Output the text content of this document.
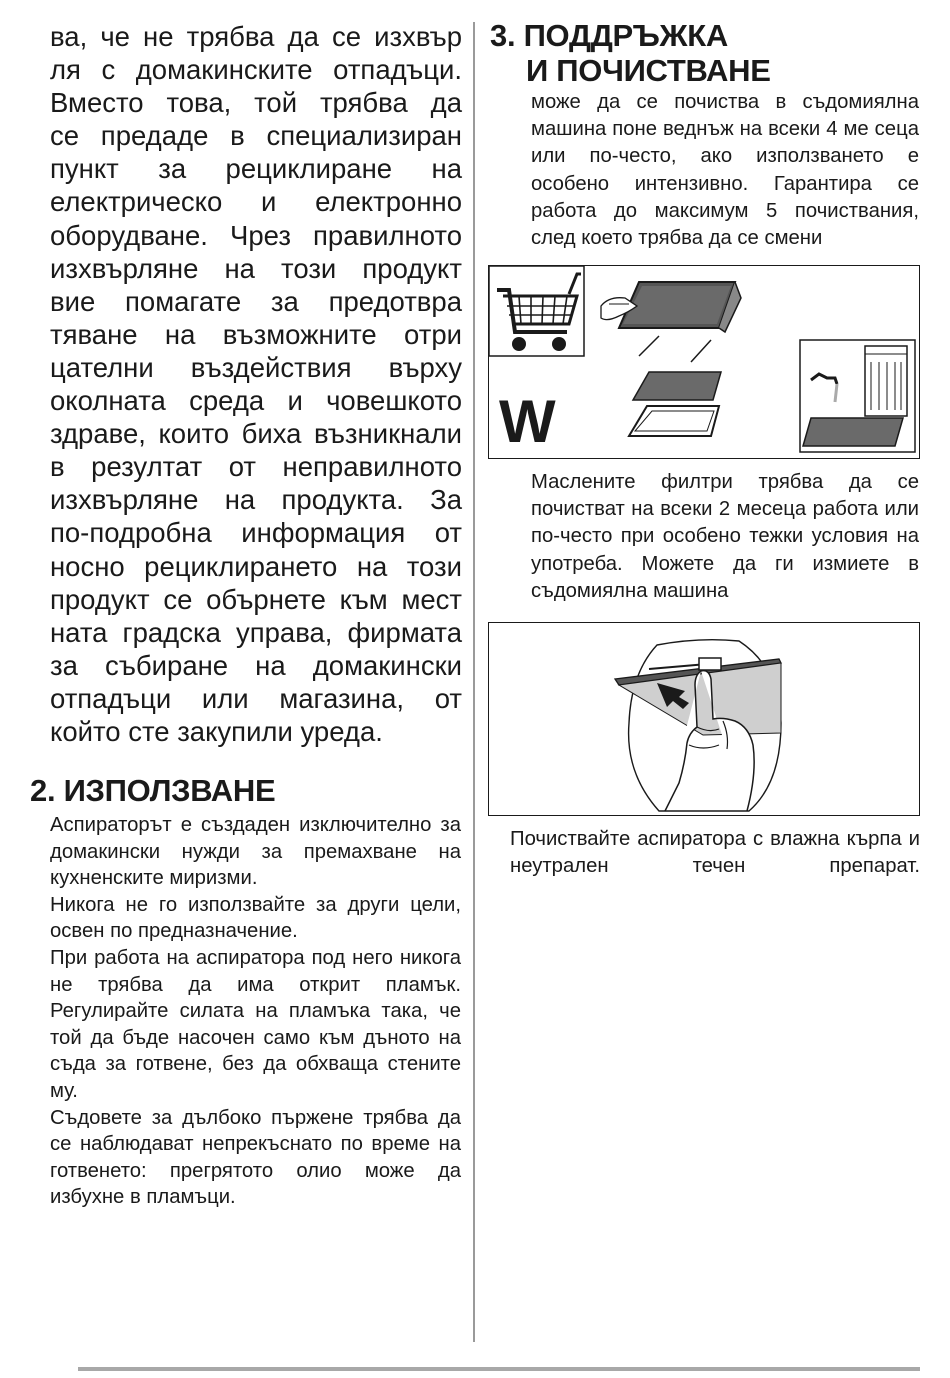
ва, че не трябва да се изхвър
ля с домакинските отпадъци.
Вместо това, той трябва да
се предаде в специализиран
пункт за рециклиране на
електрическо и електронно
оборудване. Чрез правилното
изхвърляне на този продукт
вие помагате за предотвра
тяване на възможните отри
цателни въздействия върху
околната среда и човешкото
здраве, които биха възникнали
в резултат от неправилното
изхвърляне на продукта. За
по-подробна информация от
носно рециклирането на този
продукт се обърнете към мест
ната градска управа, фирмата
за събиране на домакински
отпадъци или магазина, от
който сте закупили уреда.
2. ИЗПОЛЗВАНЕ

Аспираторът е създаден изключително за домакински нужди за премахване на кухненските миризми.

Никога не го използвайте за други цели, освен по предназначение.

При работа на аспиратора под него никога не трябва да има открит пламък. Регулирайте силата на пламъка така, че той да бъде насочен само към дъното на съда за готвене, без да обхваща стените му.

Съдовете за дълбоко пържене трябва да се наблюдават непрекъснато по време на готвенето: прегрятото олио може да избухне в пламъци.

3. ПОДДРЪЖКА
И ПОЧИСТВАНЕ

може да се почиства в съдомиялна машина поне веднъж на всеки 4 ме сеца или по-често, ако използването е особено интензивно. Гарантира се работа до максимум 5 почиствания, след което трябва да се смени

W

Маслените филтри трябва да се почистват на всеки 2 месеца работа или по-често при особено тежки условия на употреба. Можете да ги измиете в съдомиялна машина

Почиствайте аспиратора с влажна кърпа и неутрален течен препарат.
